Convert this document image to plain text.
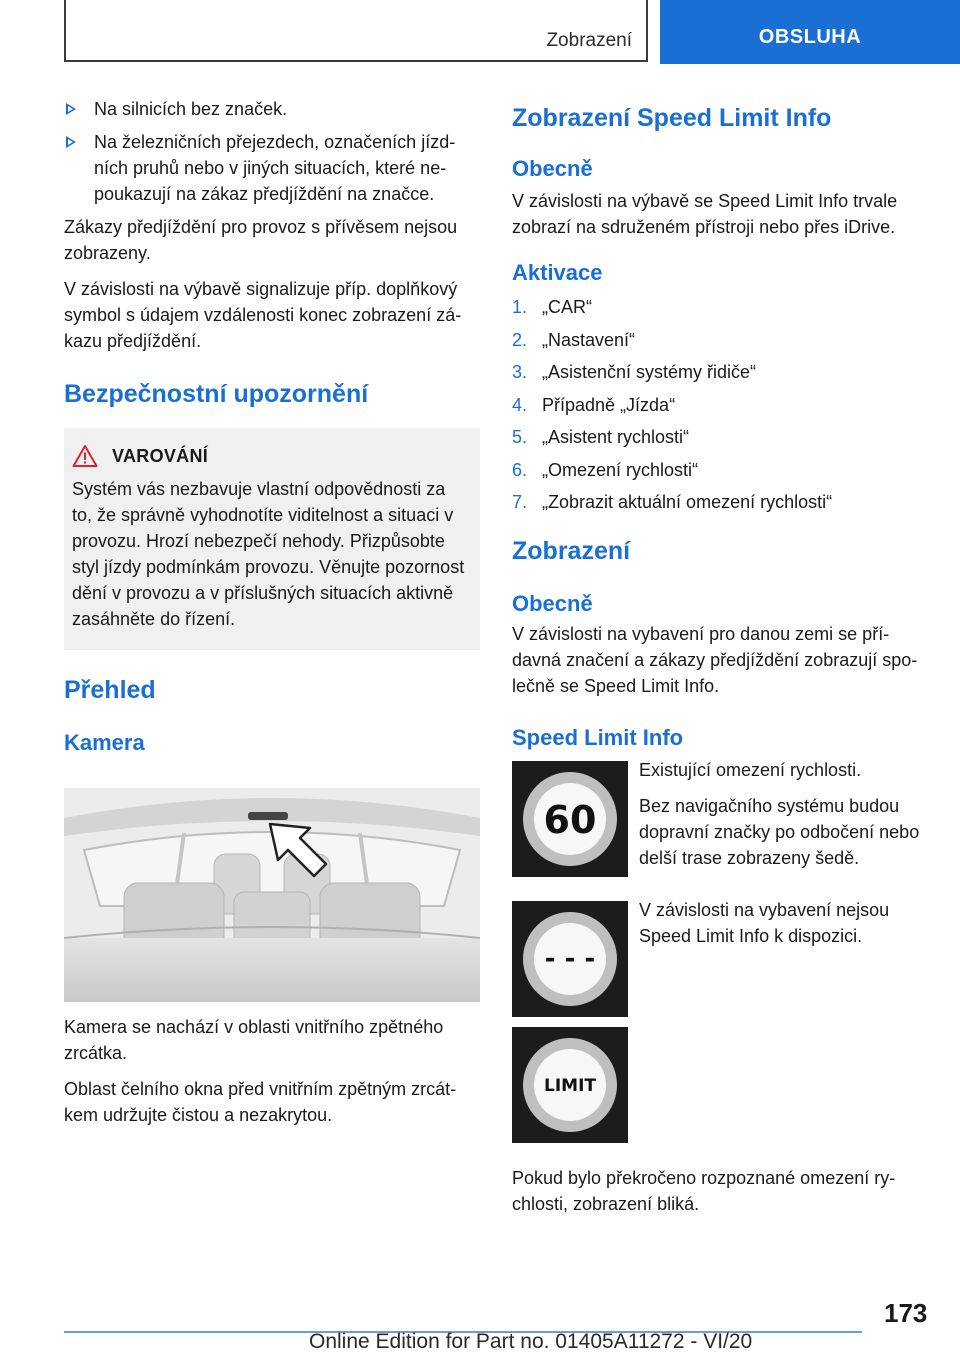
Zobrazení	OBSLUHA
Na silnicích bez značek.
Na železničních přejezdech, označeních jízdních pruhů nebo v jiných situacích, které nepoukazují na zákaz předjíždění na značce.

Zákazy předjíždění pro provoz s přívěsem nejsou zobrazeny.

V závislosti na výbavě signalizuje příp. doplňkový symbol s údajem vzdálenosti konec zobrazení zákazu předjíždění.

Bezpečnostní upozornění
VAROVÁNÍ

Systém vás nezbavuje vlastní odpovědnosti za to, že správně vyhodnotíte viditelnost a situaci v provozu. Hrozí nebezpečí nehody. Přizpůsobte styl jízdy podmínkám provozu. Věnujte pozornost dění v provozu a v příslušných situacích aktivně zasáhněte do řízení.

Přehled
Kamera

Kamera se nachází v oblasti vnitřního zpětného zrcátka.

Oblast čelního okna před vnitřním zpětným zrcátkem udržujte čistou a nezakrytou.

Zobrazení Speed Limit Info
Obecně

V závislosti na výbavě se Speed Limit Info trvale zobrazí na sdruženém přístroji nebo přes iDrive.

Aktivace
1. „CAR“
2. „Nastavení“
3. „Asistenční systémy řidiče“
4. Případně „Jízda“
5. „Asistent rychlosti“
6. „Omezení rychlosti“
7. „Zobrazit aktuální omezení rychlosti“
Zobrazení
Obecně

V závislosti na vybavení pro danou zemi se přídavná značení a zákazy předjíždění zobrazují společně se Speed Limit Info.

Speed Limit Info
60

Existující omezení rychlosti.

Bez navigačního systému budou dopravní značky po odbočení nebo delší trase zobrazeny šedě.

- - -

V závislosti na vybavení nejsou Speed Limit Info k dispozici.

LIMIT

Pokud bylo překročeno rozpoznané omezení rychlosti, zobrazení bliká.

173
Online Edition for Part no. 01405A11272 - VI/20
